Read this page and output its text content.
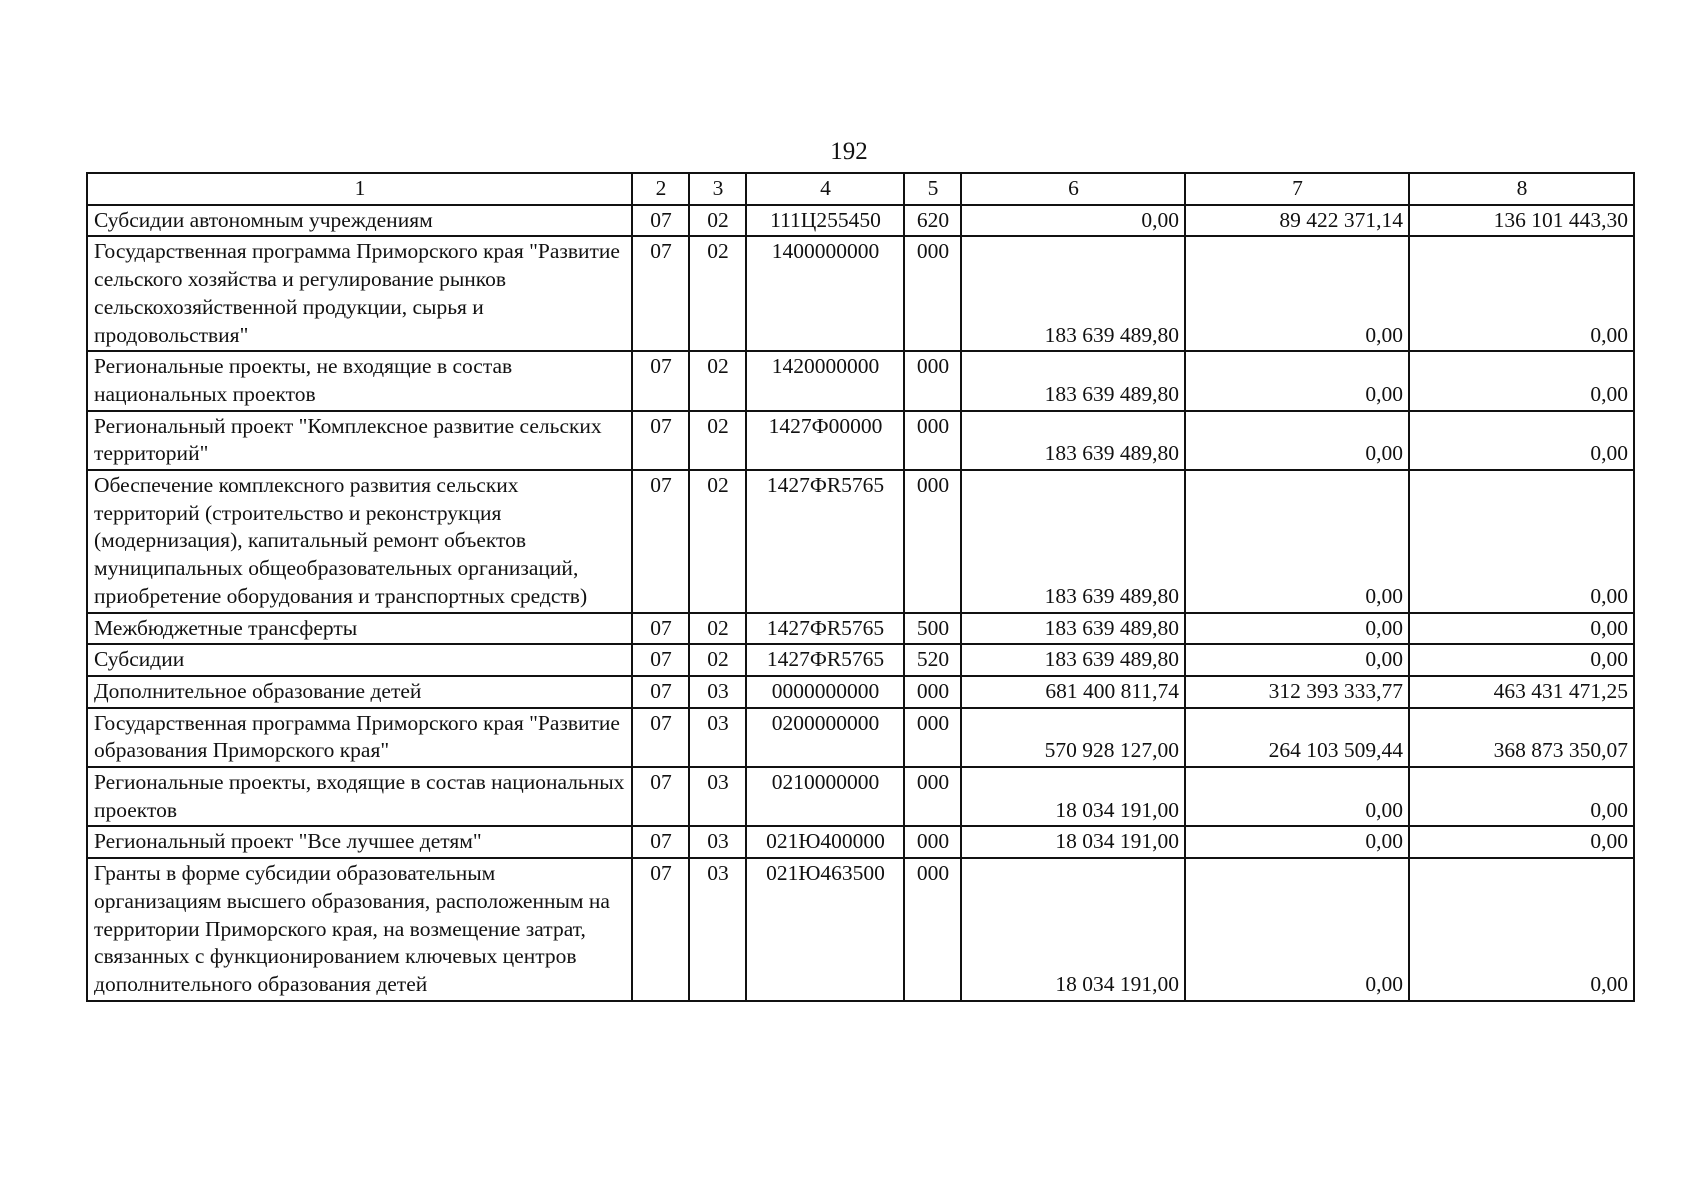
192
1	2	3	4	5	6	7	8
Субсидии автономным учреждениям	07	02	111Ц255450	620	0,00	89 422 371,14	136 101 443,30
Государственная программа Приморского края "Развитие сельского хозяйства и регулирование рынков сельскохозяйственной продукции, сырья и продовольствия"	07	02	1400000000	000	183 639 489,80	0,00	0,00
Региональные проекты, не входящие в состав национальных проектов	07	02	1420000000	000	183 639 489,80	0,00	0,00
Региональный проект "Комплексное развитие сельских территорий"	07	02	1427Ф00000	000	183 639 489,80	0,00	0,00
Обеспечение комплексного развития сельских территорий (строительство и реконструкция (модернизация), капитальный ремонт объектов муниципальных общеобразовательных организаций, приобретение оборудования и транспортных средств)	07	02	1427ФR5765	000	183 639 489,80	0,00	0,00
Межбюджетные трансферты	07	02	1427ФR5765	500	183 639 489,80	0,00	0,00
Субсидии	07	02	1427ФR5765	520	183 639 489,80	0,00	0,00
Дополнительное образование детей	07	03	0000000000	000	681 400 811,74	312 393 333,77	463 431 471,25
Государственная программа Приморского края "Развитие образования Приморского края"	07	03	0200000000	000	570 928 127,00	264 103 509,44	368 873 350,07
Региональные проекты, входящие в состав национальных проектов	07	03	0210000000	000	18 034 191,00	0,00	0,00
Региональный проект "Все лучшее детям"	07	03	021Ю400000	000	18 034 191,00	0,00	0,00
Гранты в форме субсидии образовательным организациям высшего образования, расположенным на территории Приморского края, на возмещение затрат, связанных с функционированием ключевых центров дополнительного образования детей	07	03	021Ю463500	000	18 034 191,00	0,00	0,00
